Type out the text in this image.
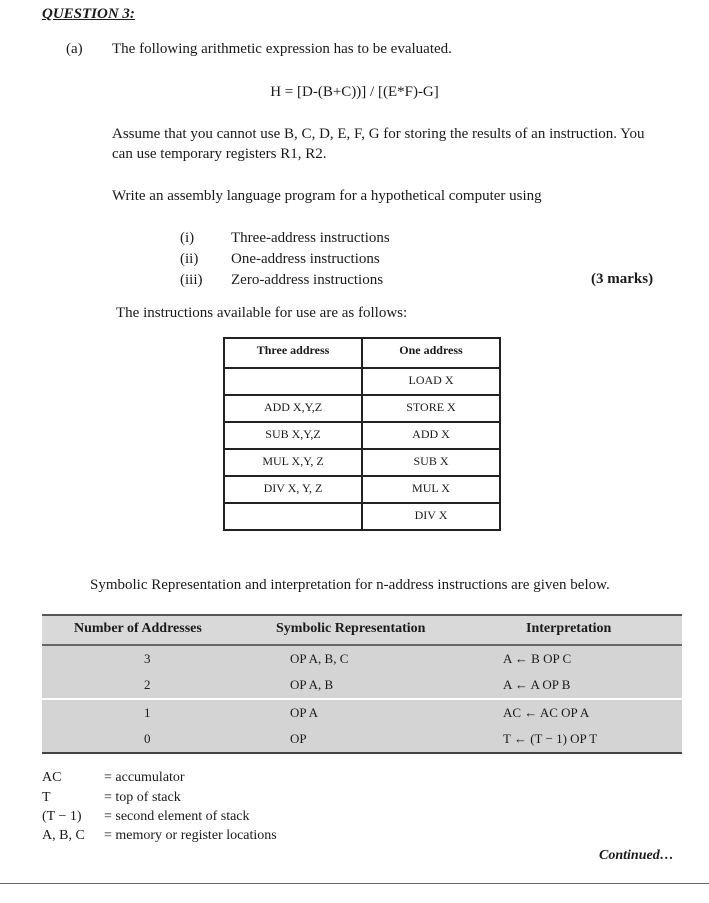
QUESTION 3:
(a) The following arithmetic expression has to be evaluated.
H = [D-(B+C))] / [(E*F)-G]
Assume that you cannot use B, C, D, E, F, G for storing the results of an instruction. You
can use temporary registers R1, R2.
Write an assembly language program for a hypothetical computer using
(i) Three-address instructions
(ii) One-address instructions
(iii) Zero-address instructions	(3 marks)
The instructions available for use are as follows:
Three address	One address
	LOAD X
ADD X,Y,Z	STORE X
SUB X,Y,Z	ADD X
MUL X,Y, Z	SUB X
DIV X, Y, Z	MUL X
	DIV X
Symbolic Representation and interpretation for n-address instructions are given below.
Number of Addresses	Symbolic Representation	Interpretation
3	OP A, B, C	A ← B OP C
2	OP A, B	A ← A OP B
1	OP A	AC ← AC OP A
0	OP	T ← (T − 1) OP T
AC	= accumulator
T	= top of stack
(T − 1) = second element of stack
A, B, C = memory or register locations
Continued…
